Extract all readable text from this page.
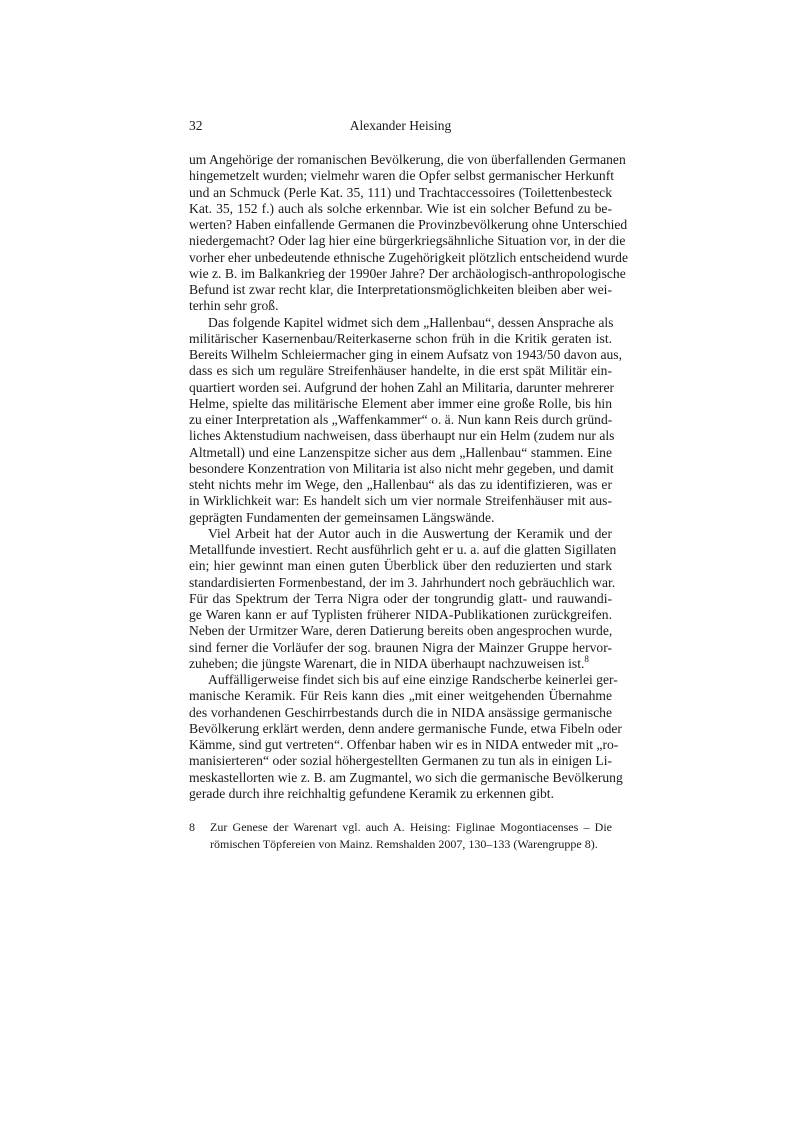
32	Alexander Heising
um Angehörige der romanischen Bevölkerung, die von überfallenden Germanen
hingemetzelt wurden; vielmehr waren die Opfer selbst germanischer Herkunft
und an Schmuck (Perle Kat. 35, 111) und Trachtaccessoires (Toilettenbesteck
Kat. 35, 152 f.) auch als solche erkennbar. Wie ist ein solcher Befund zu be-
werten? Haben einfallende Germanen die Provinzbevölkerung ohne Unterschied
niedergemacht? Oder lag hier eine bürgerkriegsähnliche Situation vor, in der die
vorher eher unbedeutende ethnische Zugehörigkeit plötzlich entscheidend wurde
wie z. B. im Balkankrieg der 1990er Jahre? Der archäologisch-anthropologische
Befund ist zwar recht klar, die Interpretationsmöglichkeiten bleiben aber wei-
terhin sehr groß.
Das folgende Kapitel widmet sich dem „Hallenbau“, dessen Ansprache als
militärischer Kasernenbau/Reiterkaserne schon früh in die Kritik geraten ist.
Bereits Wilhelm Schleiermacher ging in einem Aufsatz von 1943/50 davon aus,
dass es sich um reguläre Streifenhäuser handelte, in die erst spät Militär ein-
quartiert worden sei. Aufgrund der hohen Zahl an Militaria, darunter mehrerer
Helme, spielte das militärische Element aber immer eine große Rolle, bis hin
zu einer Interpretation als „Waffenkammer“ o. ä. Nun kann Reis durch gründ-
liches Aktenstudium nachweisen, dass überhaupt nur ein Helm (zudem nur als
Altmetall) und eine Lanzenspitze sicher aus dem „Hallenbau“ stammen. Eine
besondere Konzentration von Militaria ist also nicht mehr gegeben, und damit
steht nichts mehr im Wege, den „Hallenbau“ als das zu identifizieren, was er
in Wirklichkeit war: Es handelt sich um vier normale Streifenhäuser mit aus-
geprägten Fundamenten der gemeinsamen Längswände.
Viel Arbeit hat der Autor auch in die Auswertung der Keramik und der
Metallfunde investiert. Recht ausführlich geht er u. a. auf die glatten Sigillaten
ein; hier gewinnt man einen guten Überblick über den reduzierten und stark
standardisierten Formenbestand, der im 3. Jahrhundert noch gebräuchlich war.
Für das Spektrum der Terra Nigra oder der tongrundig glatt- und rauwandi-
ge Waren kann er auf Typlisten früherer NIDA-Publikationen zurückgreifen.
Neben der Urmitzer Ware, deren Datierung bereits oben angesprochen wurde,
sind ferner die Vorläufer der sog. braunen Nigra der Mainzer Gruppe hervor-
zuheben; die jüngste Warenart, die in NIDA überhaupt nachzuweisen ist.$^8$
Auffälligerweise findet sich bis auf eine einzige Randscherbe keinerlei ger-
manische Keramik. Für Reis kann dies „mit einer weitgehenden Übernahme
des vorhandenen Geschirrbestands durch die in NIDA ansässige germanische
Bevölkerung erklärt werden, denn andere germanische Funde, etwa Fibeln oder
Kämme, sind gut vertreten“. Offenbar haben wir es in NIDA entweder mit „ro-
manisierteren“ oder sozial höhergestellten Germanen zu tun als in einigen Li-
meskastellorten wie z. B. am Zugmantel, wo sich die germanische Bevölkerung
gerade durch ihre reichhaltig gefundene Keramik zu erkennen gibt.
8	Zur Genese der Warenart vgl. auch A. Heising: Figlinae Mogontiacenses – Die
römischen Töpfereien von Mainz. Remshalden 2007, 130–133 (Warengruppe 8).
